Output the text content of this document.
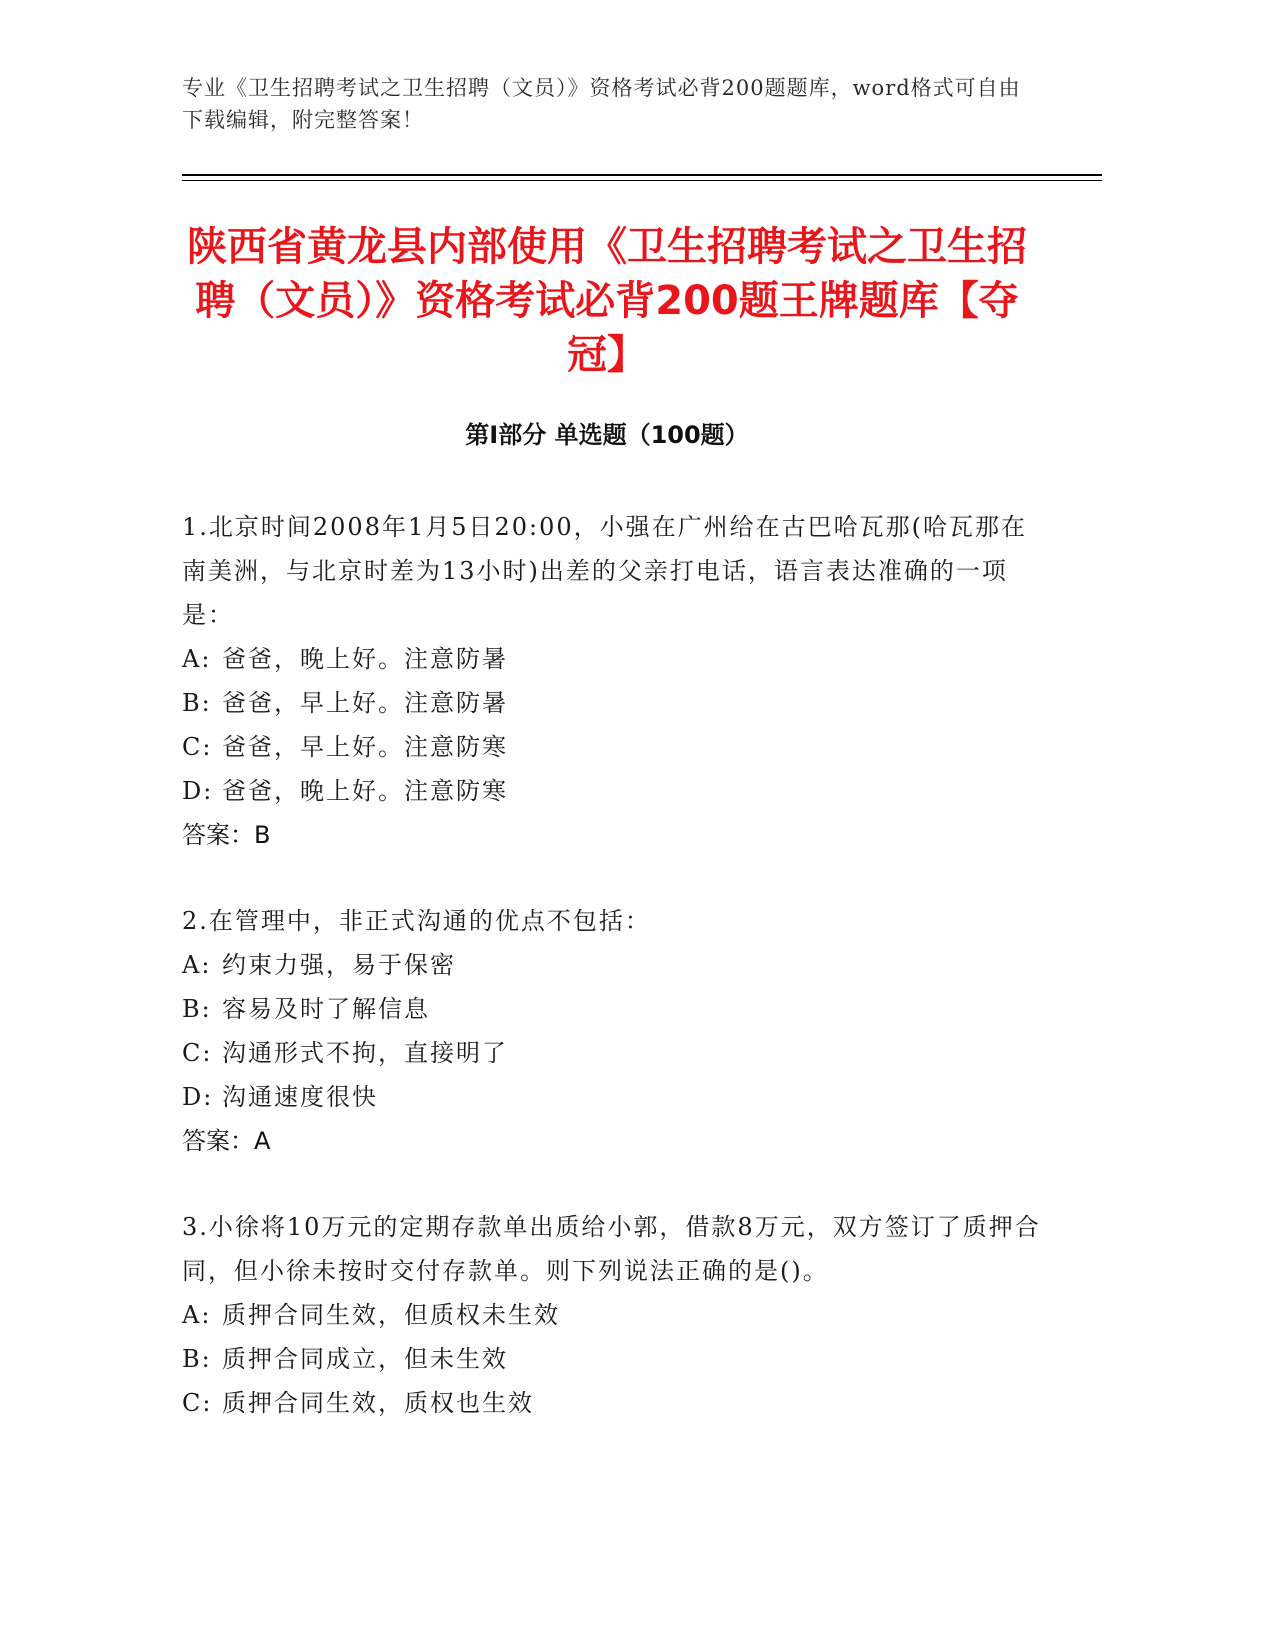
专业《卫生招聘考试之卫生招聘（文员）》资格考试必背200题题库，word格式可自由下载编辑，附完整答案！
陕西省黄龙县内部使用《卫生招聘考试之卫生招聘（文员）》资格考试必背200题王牌题库【夺冠】
第Ⅰ部分 单选题（100题）
1.北京时间2008年1月5日20:00，小强在广州给在古巴哈瓦那(哈瓦那在南美洲，与北京时差为13小时)出差的父亲打电话，语言表达准确的一项是：
A: 爸爸，晚上好。注意防暑
B: 爸爸，早上好。注意防暑
C: 爸爸，早上好。注意防寒
D: 爸爸，晚上好。注意防寒
答案：B
2.在管理中，非正式沟通的优点不包括：
A: 约束力强，易于保密
B: 容易及时了解信息
C: 沟通形式不拘，直接明了
D: 沟通速度很快
答案：A
3.小徐将10万元的定期存款单出质给小郭，借款8万元，双方签订了质押合同，但小徐未按时交付存款单。则下列说法正确的是()。
A: 质押合同生效，但质权未生效
B: 质押合同成立，但未生效
C: 质押合同生效，质权也生效
